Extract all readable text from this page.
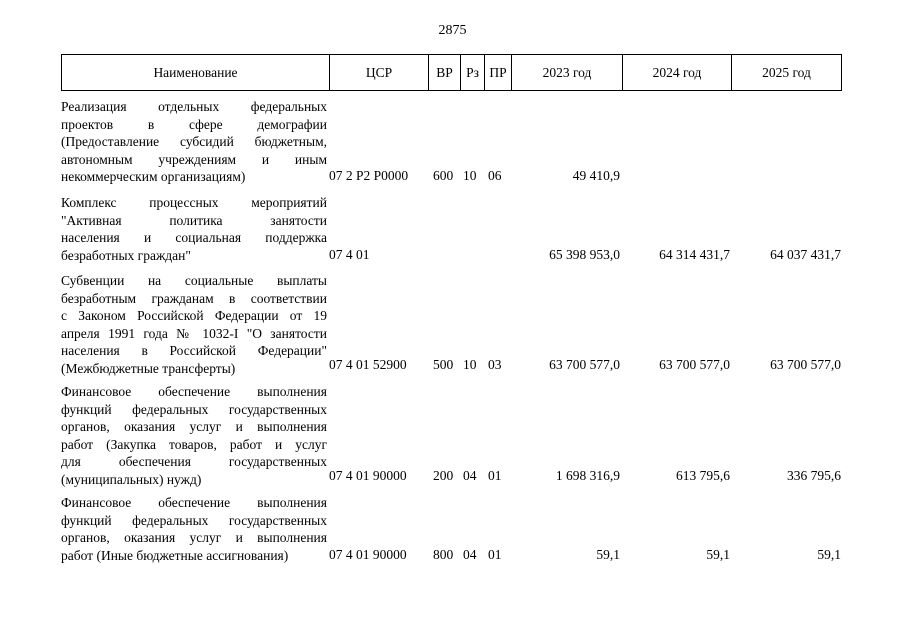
2875
Наименование	ЦСР	ВР Рз ПР	2023 год	2024 год	2025 год
Реализация отдельных федеральных
проектов в сфере демографии
(Предоставление субсидий бюджетным,
автономным учреждениям и иным
некоммерческим организациям)	07 2 P2 P0000 600 10 06	49 410,9
Комплекс процессных мероприятий
"Активная политика занятости
населения и социальная поддержка
безработных граждан"	07 4 01	65 398 953,0	64 314 431,7	64 037 431,7
Субвенции на социальные выплаты
безработным гражданам в соответствии
с Законом Российской Федерации от 19
апреля 1991 года № 1032-I "О занятости
населения в Российской Федерации"
(Межбюджетные трансферты)	07 4 01 52900 500 10 03	63 700 577,0	63 700 577,0	63 700 577,0
Финансовое обеспечение выполнения
функций федеральных государственных
органов, оказания услуг и выполнения
работ (Закупка товаров, работ и услуг
для обеспечения государственных
(муниципальных) нужд)	07 4 01 90000 200 04 01	1 698 316,9	613 795,6	336 795,6
Финансовое обеспечение выполнения
функций федеральных государственных
органов, оказания услуг и выполнения
работ (Иные бюджетные ассигнования)	07 4 01 90000 800 04 01	59,1	59,1	59,1
